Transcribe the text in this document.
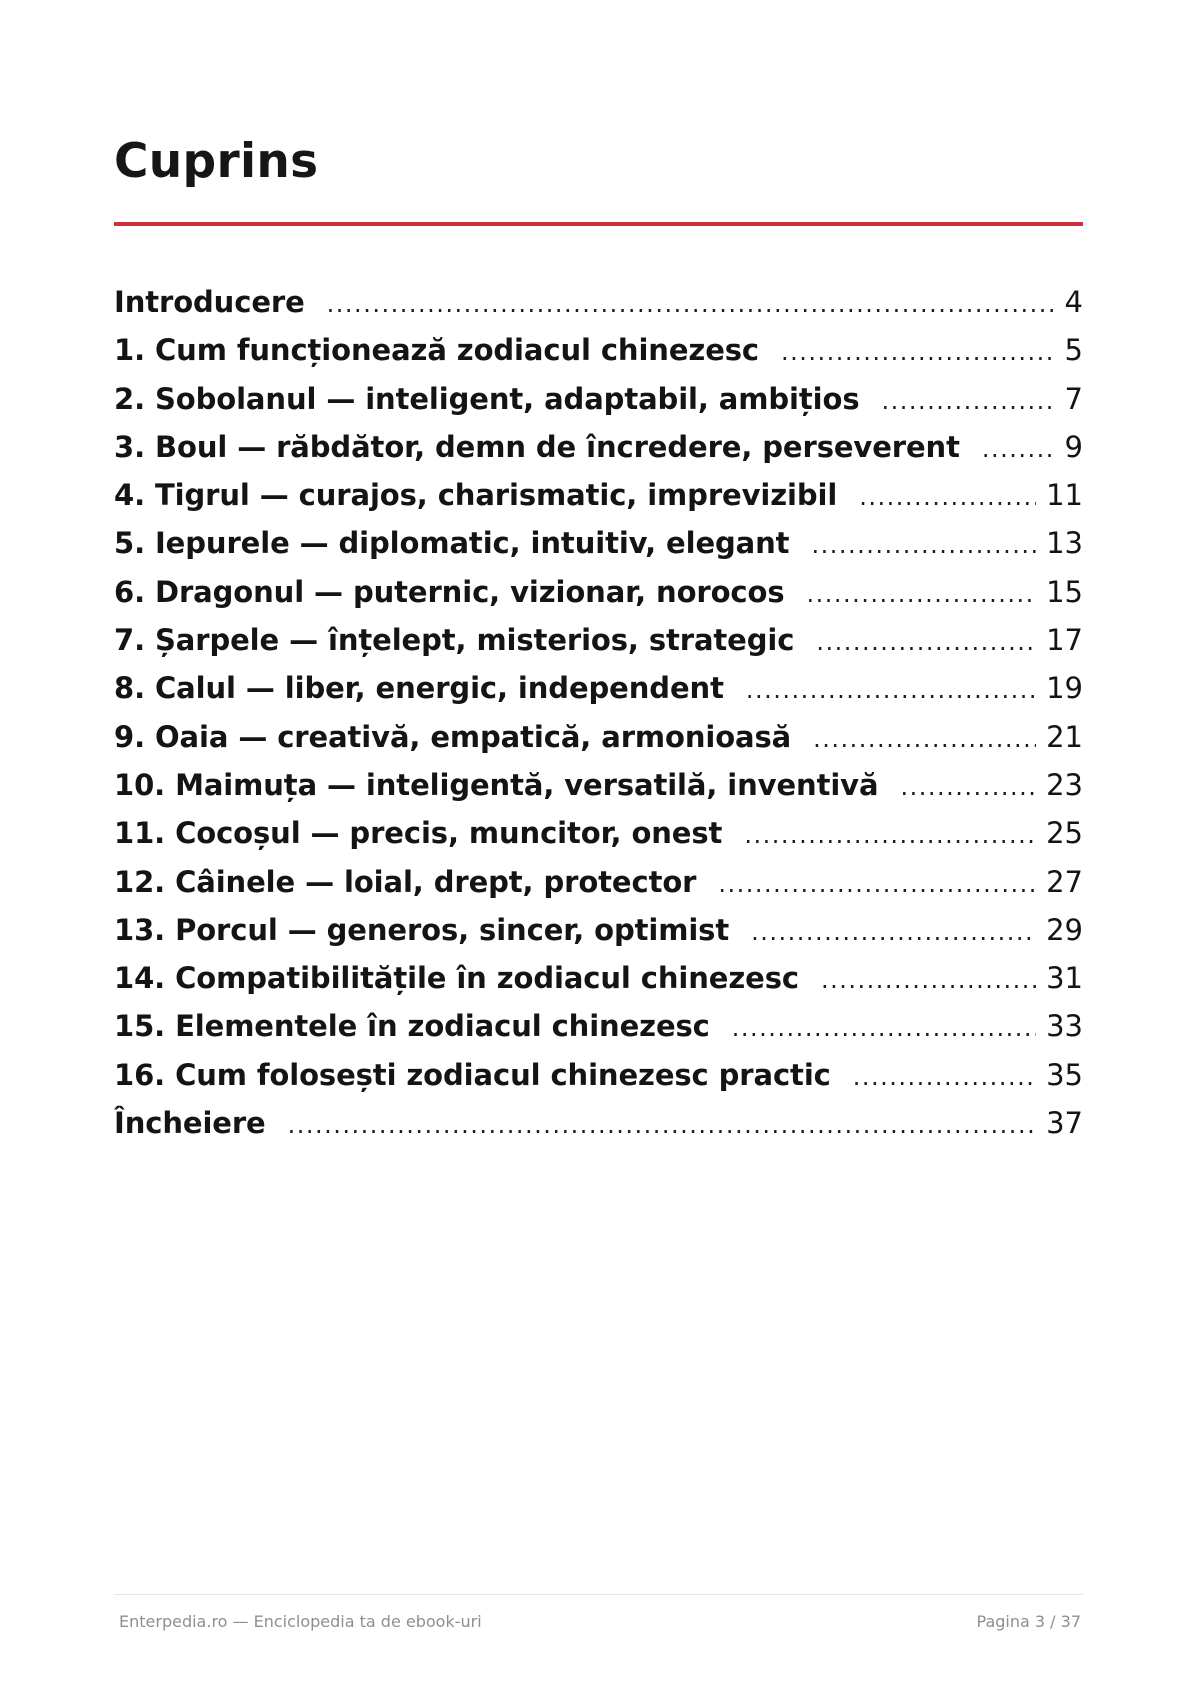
Cuprins
Introducere .....	4
1. Cum funcționează zodiacul chinezesc .....	5
2. Sobolanul — inteligent, adaptabil, ambițios .....	7
3. Boul — răbdător, demn de încredere, perseverent .....	9
4. Tigrul — curajos, charismatic, imprevizibil .....	11
5. Iepurele — diplomatic, intuitiv, elegant .....	13
6. Dragonul — puternic, vizionar, norocos .....	15
7. Șarpele — înțelept, misterios, strategic .....	17
8. Calul — liber, energic, independent .....	19
9. Oaia — creativă, empatică, armonioasă .....	21
10. Maimuța — inteligentă, versatilă, inventivă .....	23
11. Cocoșul — precis, muncitor, onest .....	25
12. Câinele — loial, drept, protector .....	27
13. Porcul — generos, sincer, optimist .....	29
14. Compatibilitățile în zodiacul chinezesc .....	31
15. Elementele în zodiacul chinezesc .....	33
16. Cum folosești zodiacul chinezesc practic .....	35
Încheiere .....	37
Enterpedia.ro — Enciclopedia ta de ebook-uri	Pagina 3 / 37
